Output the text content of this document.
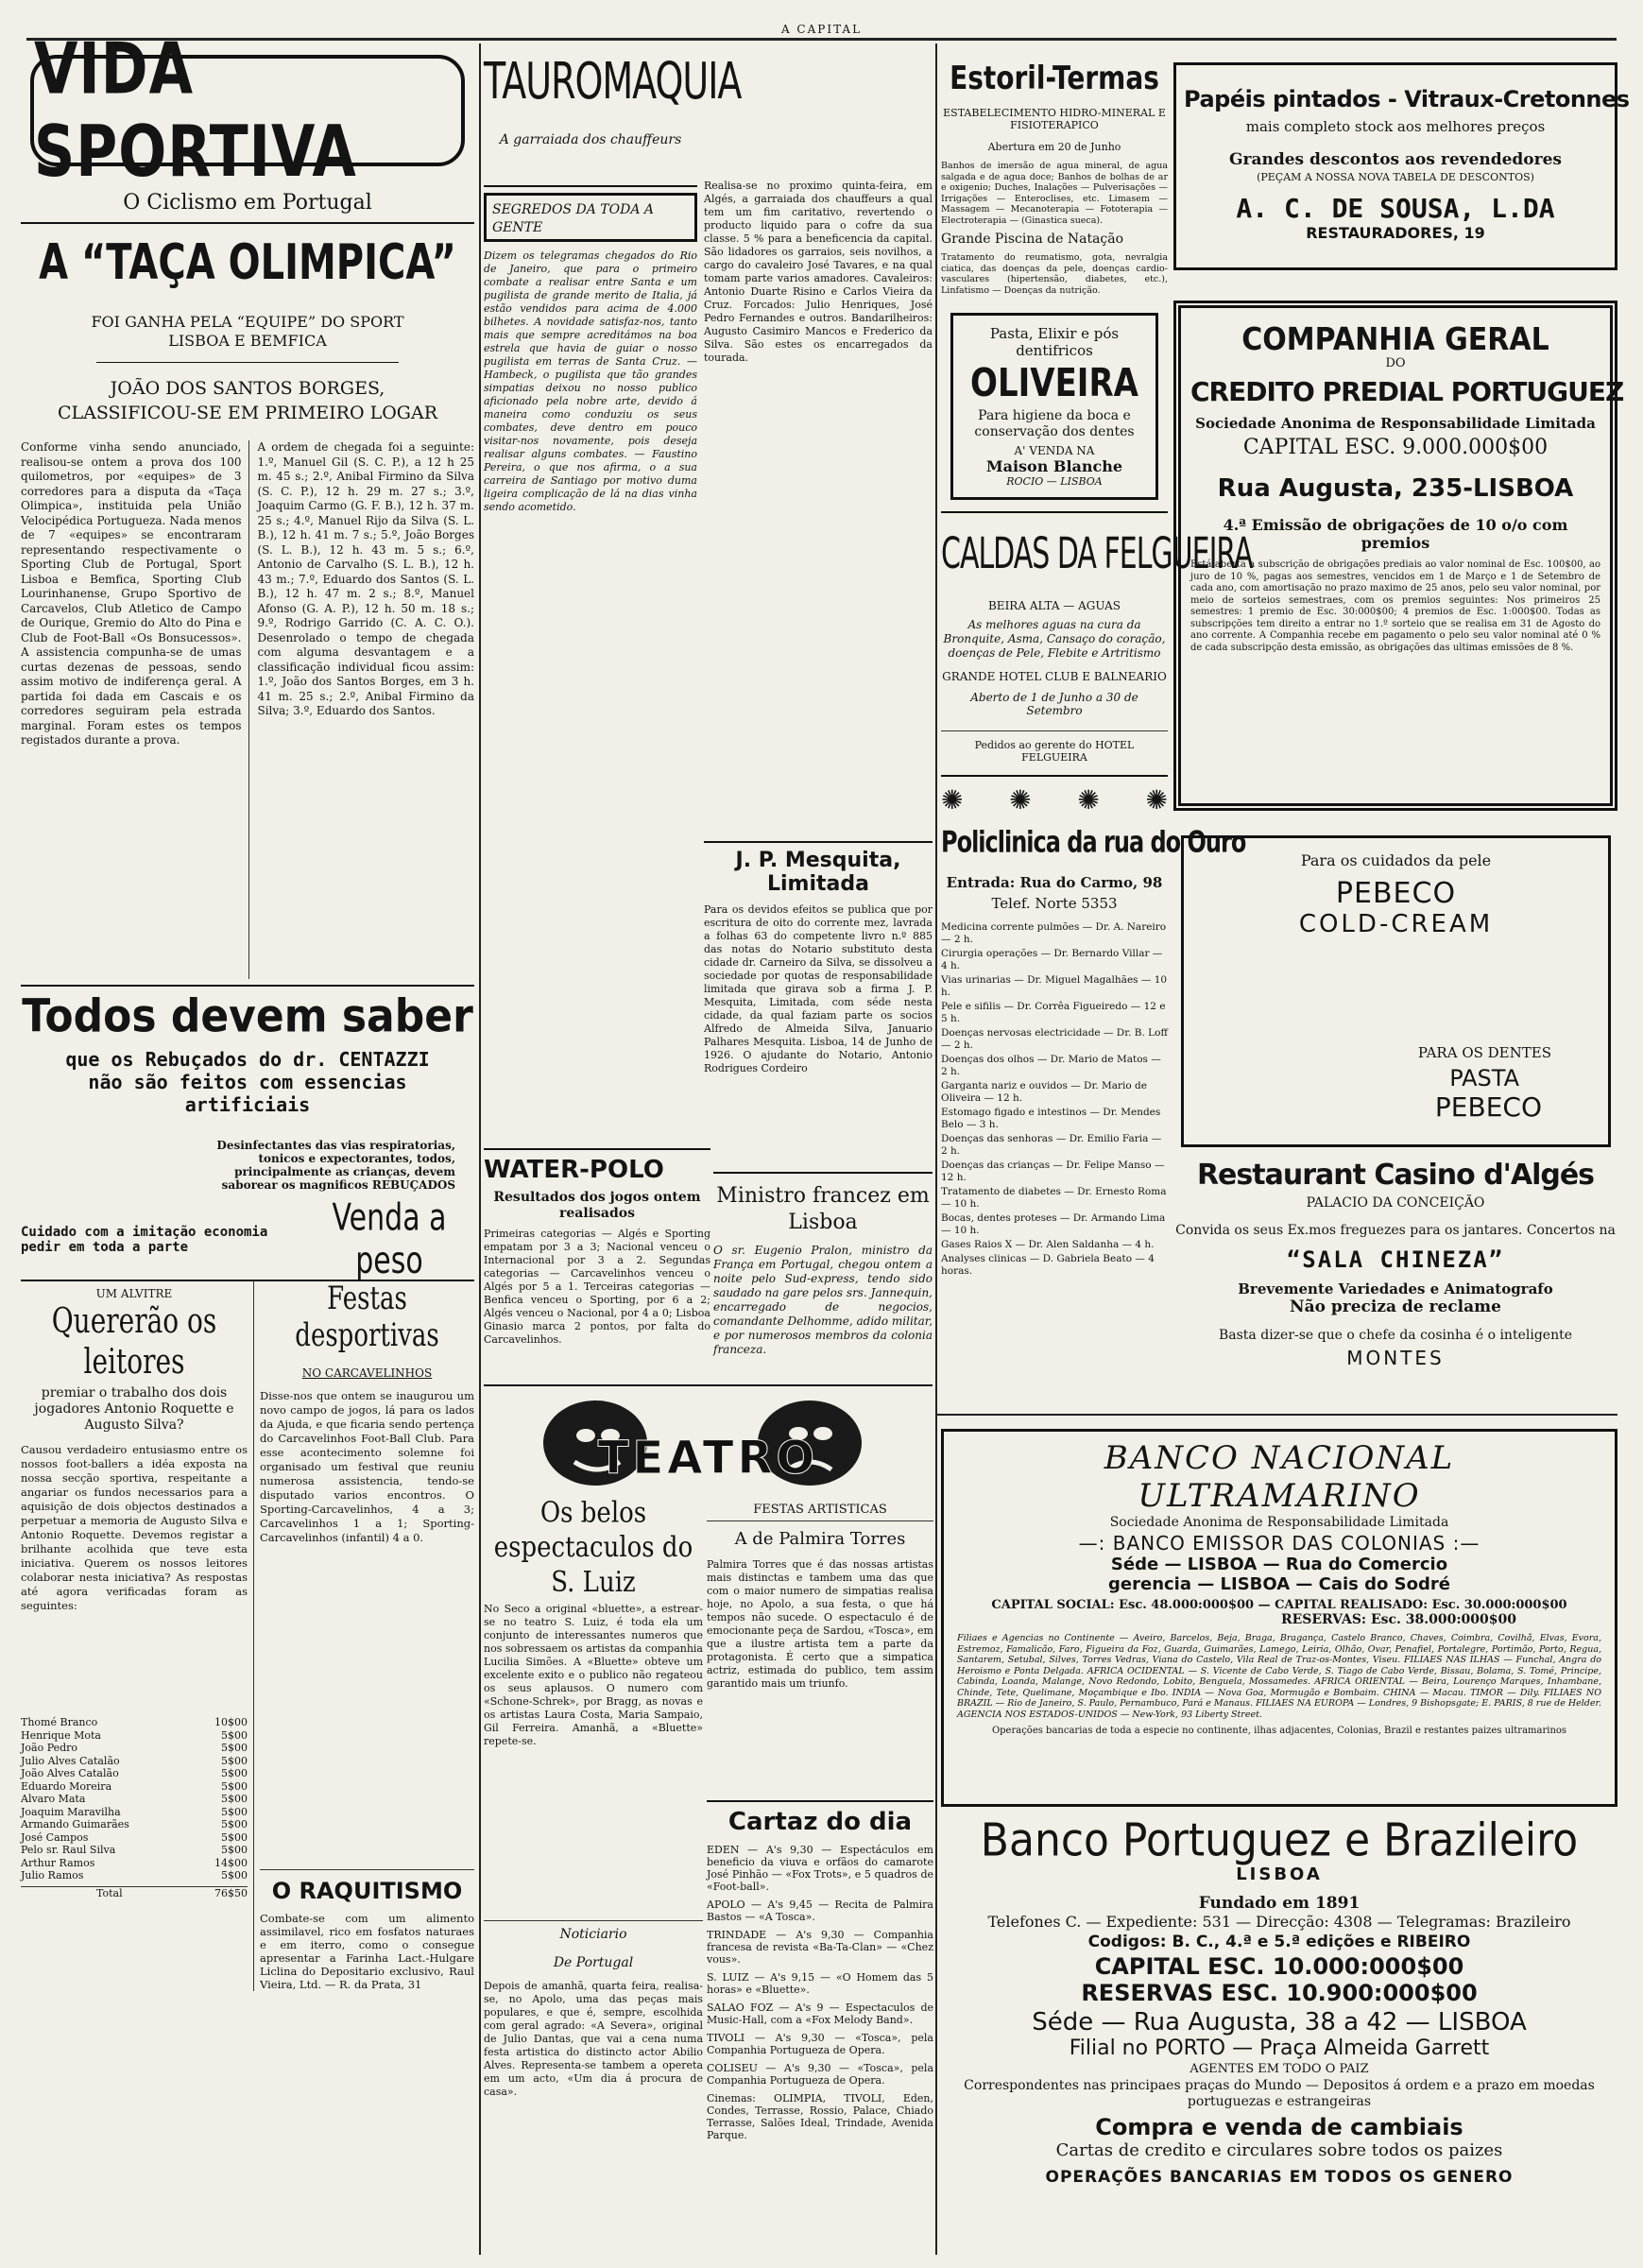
A CAPITAL
VIDA SPORTIVA
O Ciclismo em Portugal
A “TAÇA OLIMPICA”
FOI GANHA PELA “EQUIPE” DO SPORT LISBOA E BEMFICA
JOÃO DOS SANTOS BORGES, CLASSIFICOU-SE EM PRIMEIRO LOGAR

Conforme vinha sendo anunciado, realisou-se ontem a prova dos 100 quilometros, por «equipes» de 3 corredores para a disputa da «Taça Olimpica», instituida pela União Velocipédica Portugueza. Nada menos de 7 «equipes» se encontraram representando respectivamente o Sporting Club de Portugal, Sport Lisboa e Bemfica, Sporting Club Lourinhanense, Grupo Sportivo de Carcavelos, Club Atletico de Campo de Ourique, Gremio do Alto do Pina e Club de Foot-Ball «Os Bonsucessos». A assistencia compunha-se de umas curtas dezenas de pessoas, sendo assim motivo de indiferença geral. A partida foi dada em Cascais e os corredores seguiram pela estrada marginal. Foram estes os tempos registados durante a prova.

A ordem de chegada foi a seguinte: 1.º, Manuel Gil (S. C. P.), a 12 h 25 m. 45 s.; 2.º, Anibal Firmino da Silva (S. C. P.), 12 h. 29 m. 27 s.; 3.º, Joaquim Carmo (G. F. B.), 12 h. 37 m. 25 s.; 4.º, Manuel Rijo da Silva (S. L. B.), 12 h. 41 m. 7 s.; 5.º, João Borges (S. L. B.), 12 h. 43 m. 5 s.; 6.º, Antonio de Carvalho (S. L. B.), 12 h. 43 m.; 7.º, Eduardo dos Santos (S. L. B.), 12 h. 47 m. 2 s.; 8.º, Manuel Afonso (G. A. P.), 12 h. 50 m. 18 s.; 9.º, Rodrigo Garrido (C. A. C. O.). Desenrolado o tempo de chegada com alguma desvantagem e a classificação individual ficou assim: 1.º, João dos Santos Borges, em 3 h. 41 m. 25 s.; 2.º, Anibal Firmino da Silva; 3.º, Eduardo dos Santos.

Todos devem saber
que os Rebuçados do dr. CENTAZZI não são feitos com essencias artificiais
Desinfectantes das vias respiratorias, tonicos e expectorantes, todos, principalmente as crianças, devem saborear os magnificos REBUÇADOS
Cuidado com a imitação economia pedir em toda a parte
Venda a peso
UM ALVITRE
Quererão os leitores
premiar o trabalho dos dois jogadores Antonio Roquette e Augusto Silva?

Causou verdadeiro entusiasmo entre os nossos foot-ballers a idéa exposta na nossa secção sportiva, respeitante a angariar os fundos necessarios para a aquisição de dois objectos destinados a perpetuar a memoria de Augusto Silva e Antonio Roquette. Devemos registar a brilhante acolhida que teve esta iniciativa. Querem os nossos leitores colaborar nesta iniciativa? As respostas até agora verificadas foram as seguintes:

Thomé Branco	10$00
Henrique Mota	5$00
João Pedro	5$00
Julio Alves Catalão	5$00
João Alves Catalão	5$00
Eduardo Moreira	5$00
Alvaro Mata	5$00
Joaquim Maravilha	5$00
Armando Guimarães	5$00
José Campos	5$00
Pelo sr. Raul Silva	5$00
Arthur Ramos	14$00
Julio Ramos	5$00
Total	76$50
Festas desportivas
NO CARCAVELINHOS

Disse-nos que ontem se inaugurou um novo campo de jogos, lá para os lados da Ajuda, e que ficaria sendo pertença do Carcavelinhos Foot-Ball Club. Para esse acontecimento solemne foi organisado um festival que reuniu numerosa assistencia, tendo-se disputado varios encontros. O Sporting-Carcavelinhos, 4 a 3; Carcavelinhos 1 a 1; Sporting-Carcavelinhos (infantil) 4 a 0.

O RAQUITISMO

Combate-se com um alimento assimilavel, rico em fosfatos naturaes e em iterro, como o consegue apresentar a Farinha Lact.-Hulgare Liclina do Depositario exclusivo, Raul Vieira, Ltd. — R. da Prata, 31

TAUROMAQUIA
A garraiada dos chauffeurs
SEGREDOS DA TODA A GENTE

Dizem os telegramas chegados do Rio de Janeiro, que para o primeiro combate a realisar entre Santa e um pugilista de grande merito de Italia, já estão vendidos para acima de 4.000 bilhetes. A novidade satisfaz-nos, tanto mais que sempre acreditámos na boa estrela que havia de guiar o nosso pugilista em terras de Santa Cruz. — Hambeck, o pugilista que tão grandes simpatias deixou no nosso publico aficionado pela nobre arte, devido á maneira como conduziu os seus combates, deve dentro em pouco visitar-nos novamente, pois deseja realisar alguns combates. — Faustino Pereira, o que nos afirma, o a sua carreira de Santiago por motivo duma ligeira complicação de lá na dias vinha sendo acometido.

Realisa-se no proximo quinta-feira, em Algés, a garraiada dos chauffeurs a qual tem um fim caritativo, revertendo o producto liquido para o cofre da sua classe. 5 % para a beneficencia da capital. São lidadores os garraios, seis novilhos, a cargo do cavaleiro José Tavares, e na qual tomam parte varios amadores. Cavaleiros: Antonio Duarte Risino e Carlos Vieira da Cruz. Forcados: Julio Henriques, José Pedro Fernandes e outros. Bandarilheiros: Augusto Casimiro Mancos e Frederico da Silva. São estes os encarregados da tourada.

J. P. Mesquita, Limitada

Para os devidos efeitos se publica que por escritura de oito do corrente mez, lavrada a folhas 63 do competente livro n.º 885 das notas do Notario substituto desta cidade dr. Carneiro da Silva, se dissolveu a sociedade por quotas de responsabilidade limitada que girava sob a firma J. P. Mesquita, Limitada, com séde nesta cidade, da qual faziam parte os socios Alfredo de Almeida Silva, Januario Palhares Mesquita. Lisboa, 14 de Junho de 1926. O ajudante do Notario, Antonio Rodrigues Cordeiro

WATER-POLO
Resultados dos jogos ontem realisados

Primeiras categorias — Algés e Sporting empatam por 3 a 3; Nacional venceu o Internacional por 3 a 2. Segundas categorias — Carcavelinhos venceu o Algés por 5 a 1. Terceiras categorias — Benfica venceu o Sporting, por 6 a 2; Algés venceu o Nacional, por 4 a 0; Lisboa Ginasio marca 2 pontos, por falta do Carcavelinhos.

Ministro francez em Lisboa

O sr. Eugenio Pralon, ministro da França em Portugal, chegou ontem a noite pelo Sud-express, tendo sido saudado na gare pelos srs. Jannequin, encarregado de negocios, comandante Delhomme, adido militar, e por numerosos membros da colonia franceza.

TEATRO
Os belos espectaculos do S. Luiz

No Seco a original «bluette», a estrear-se no teatro S. Luiz, é toda ela um conjunto de interessantes numeros que nos sobressaem os artistas da companhia Lucilia Simões. A «Bluette» obteve um excelente exito e o publico não regateou os seus aplausos. O numero com «Schone-Schrek», por Bragg, as novas e os artistas Laura Costa, Maria Sampaio, Gil Ferreira. Amanhã, a «Bluette» repete-se.

Noticiario
De Portugal

Depois de amanhã, quarta feira, realisa-se, no Apolo, uma das peças mais populares, e que é, sempre, escolhida com geral agrado: «A Severa», original de Julio Dantas, que vai a cena numa festa artistica do distincto actor Abilio Alves. Representa-se tambem a opereta em um acto, «Um dia á procura de casa».

FESTAS ARTISTICAS
A de Palmira Torres

Palmira Torres que é das nossas artistas mais distinctas e tambem uma das que com o maior numero de simpatias realisa hoje, no Apolo, a sua festa, o que há tempos não sucede. O espectaculo é de emocionante peça de Sardou, «Tosca», em que a ilustre artista tem a parte da protagonista. É certo que a simpatica actriz, estimada do publico, tem assim garantido mais um triunfo.

Cartaz do dia

EDEN — A's 9,30 — Espectáculos em beneficio da viuva e orfãos do camarote José Pinhão — «Fox Trots», e 5 quadros de «Foot-ball».

APOLO — A's 9,45 — Recita de Palmira Bastos — «A Tosca».

TRINDADE — A's 9,30 — Companhia francesa de revista «Ba-Ta-Clan» — «Chez vous».

S. LUIZ — A's 9,15 — «O Homem das 5 horas» e «Bluette».

SALAO FOZ — A's 9 — Espectaculos de Music-Hall, com a «Fox Melody Band».

TIVOLI — A's 9,30 — «Tosca», pela Companhia Portugueza de Opera.

COLISEU — A's 9,30 — «Tosca», pela Companhia Portugueza de Opera.

Cinemas: OLIMPIA, TIVOLI, Eden, Condes, Terrasse, Rossio, Palace, Chiado Terrasse, Salões Ideal, Trindade, Avenida Parque.

Estoril-Termas
ESTABELECIMENTO HIDRO-MINERAL E FISIOTERAPICO
Abertura em 20 de Junho

Banhos de imersão de agua mineral, de agua salgada e de agua doce; Banhos de bolhas de ar e oxigenio; Duches, Inalações — Pulverisações — Irrigações — Enteroclises, etc. Limasem — Massagem — Mecanoterapia — Fototerapia — Electroterapia — (Ginastica sueca).

Grande Piscina de Natação

Tratamento do reumatismo, gota, nevralgia ciatica, das doenças da pele, doenças cardio-vasculares (hipertensão, diabetes, etc.), Linfatismo — Doenças da nutrição.

Pasta, Elixir e pós dentifricos
OLIVEIRA
Para higiene da boca e conservação dos dentes
A' VENDA NA
Maison Blanche
ROCIO — LISBOA
CALDAS DA FELGUEIRA
BEIRA ALTA — AGUAS
As melhores aguas na cura da Bronquite, Asma, Cansaço do coração, doenças de Pele, Flebite e Artritismo
GRANDE HOTEL CLUB E BALNEARIO
Aberto de 1 de Junho a 30 de Setembro
Pedidos ao gerente do HOTEL FELGUEIRA
✺ ✺ ✺ ✺
Policlinica da rua do Ouro
Entrada: Rua do Carmo, 98
Telef. Norte 5353
Medicina corrente pulmões — Dr. A. Nareiro — 2 h.
Cirurgia operações — Dr. Bernardo Villar — 4 h.
Vias urinarias — Dr. Miguel Magalhães — 10 h.
Pele e sifilis — Dr. Corrêa Figueiredo — 12 e 5 h.
Doenças nervosas electricidade — Dr. B. Loff — 2 h.
Doenças dos olhos — Dr. Mario de Matos — 2 h.
Garganta nariz e ouvidos — Dr. Mario de Oliveira — 12 h.
Estomago figado e intestinos — Dr. Mendes Belo — 3 h.
Doenças das senhoras — Dr. Emilio Faria — 2 h.
Doenças das crianças — Dr. Felipe Manso — 12 h.
Tratamento de diabetes — Dr. Ernesto Roma — 10 h.
Bocas, dentes proteses — Dr. Armando Lima — 10 h.
Gases Raios X — Dr. Alen Saldanha — 4 h.
Analyses clinicas — D. Gabriela Beato — 4 horas.
Papéis pintados - Vitraux-Cretonnes
mais completo stock aos melhores preços
Grandes descontos aos revendedores
(PEÇAM A NOSSA NOVA TABELA DE DESCONTOS)
A. C. DE SOUSA, L.DA
RESTAURADORES, 19
COMPANHIA GERAL
DO
CREDITO PREDIAL PORTUGUEZ
Sociedade Anonima de Responsabilidade Limitada
CAPITAL ESC. 9.000.000$00
Rua Augusta, 235-LISBOA
4.ª Emissão de obrigações de 10 o/o com premios

Está aberta a subscrição de obrigações prediais ao valor nominal de Esc. 100$00, ao juro de 10 %, pagas aos semestres, vencidos em 1 de Março e 1 de Setembro de cada ano, com amortisação no prazo maximo de 25 anos, pelo seu valor nominal, por meio de sorteios semestraes, com os premios seguintes: Nos primeiros 25 semestres: 1 premio de Esc. 30:000$00; 4 premios de Esc. 1:000$00. Todas as subscripções tem direito a entrar no 1.º sorteio que se realisa em 31 de Agosto do ano corrente. A Companhia recebe em pagamento o pelo seu valor nominal até 0 % de cada subscripção desta emissão, as obrigações das ultimas emissões de 8 %.

Para os cuidados da pele
PEBECO
COLD-CREAM
PARA OS DENTES
PASTA
PEBECO
Restaurant Casino d'Algés
PALACIO DA CONCEIÇÃO
Convida os seus Ex.mos freguezes para os jantares. Concertos na
“SALA CHINEZA”
Brevemente Variedades e Animatografo
Não preciza de reclame
Basta dizer-se que o chefe da cosinha é o inteligente
MONTES
BANCO NACIONAL ULTRAMARINO
Sociedade Anonima de Responsabilidade Limitada
—: BANCO EMISSOR DAS COLONIAS :—
Séde — LISBOA — Rua do Comercio
gerencia — LISBOA — Cais do Sodré
CAPITAL SOCIAL: Esc. 48.000:000$00 — CAPITAL REALISADO: Esc. 30.000:000$00
RESERVAS: Esc. 38.000:000$00

Filiaes e Agencias no Continente — Aveiro, Barcelos, Beja, Braga, Bragança, Castelo Branco, Chaves, Coimbra, Covilhã, Elvas, Evora, Estremoz, Famalicão, Faro, Figueira da Foz, Guarda, Guimarães, Lamego, Leiria, Olhão, Ovar, Penafiel, Portalegre, Portimão, Porto, Regua, Santarem, Setubal, Silves, Torres Vedras, Viana do Castelo, Vila Real de Traz-os-Montes, Viseu. FILIAES NAS ILHAS — Funchal, Angra do Heroismo e Ponta Delgada. AFRICA OCIDENTAL — S. Vicente de Cabo Verde, S. Tiago de Cabo Verde, Bissau, Bolama, S. Tomé, Principe, Cabinda, Loanda, Malange, Novo Redondo, Lobito, Benguela, Mossamedes. AFRICA ORIENTAL — Beira, Lourenço Marques, Inhambane, Chinde, Tete, Quelimane, Moçambique e Ibo. INDIA — Nova Goa, Mormugão e Bombaim. CHINA — Macau. TIMOR — Dily. FILIAES NO BRAZIL — Rio de Janeiro, S. Paulo, Pernambuco, Pará e Manaus. FILIAES NA EUROPA — Londres, 9 Bishopsgate; E. PARIS, 8 rue de Helder. AGENCIA NOS ESTADOS-UNIDOS — New-York, 93 Liberty Street.

Operações bancarias de toda a especie no continente, ilhas adjacentes, Colonias, Brazil e restantes paizes ultramarinos
Banco Portuguez e Brazileiro
LISBOA
Fundado em 1891
Telefones C. — Expediente: 531 — Direcção: 4308 — Telegramas: Brazileiro
Codigos: B. C., 4.ª e 5.ª edições e RIBEIRO
CAPITAL ESC. 10.000:000$00
RESERVAS ESC. 10.900:000$00
Séde — Rua Augusta, 38 a 42 — LISBOA
Filial no PORTO — Praça Almeida Garrett
AGENTES EM TODO O PAIZ
Correspondentes nas principaes praças do Mundo — Depositos á ordem e a prazo em moedas portuguezas e estrangeiras
Compra e venda de cambiais
Cartas de credito e circulares sobre todos os paizes
OPERAÇÕES BANCARIAS EM TODOS OS GENERO
